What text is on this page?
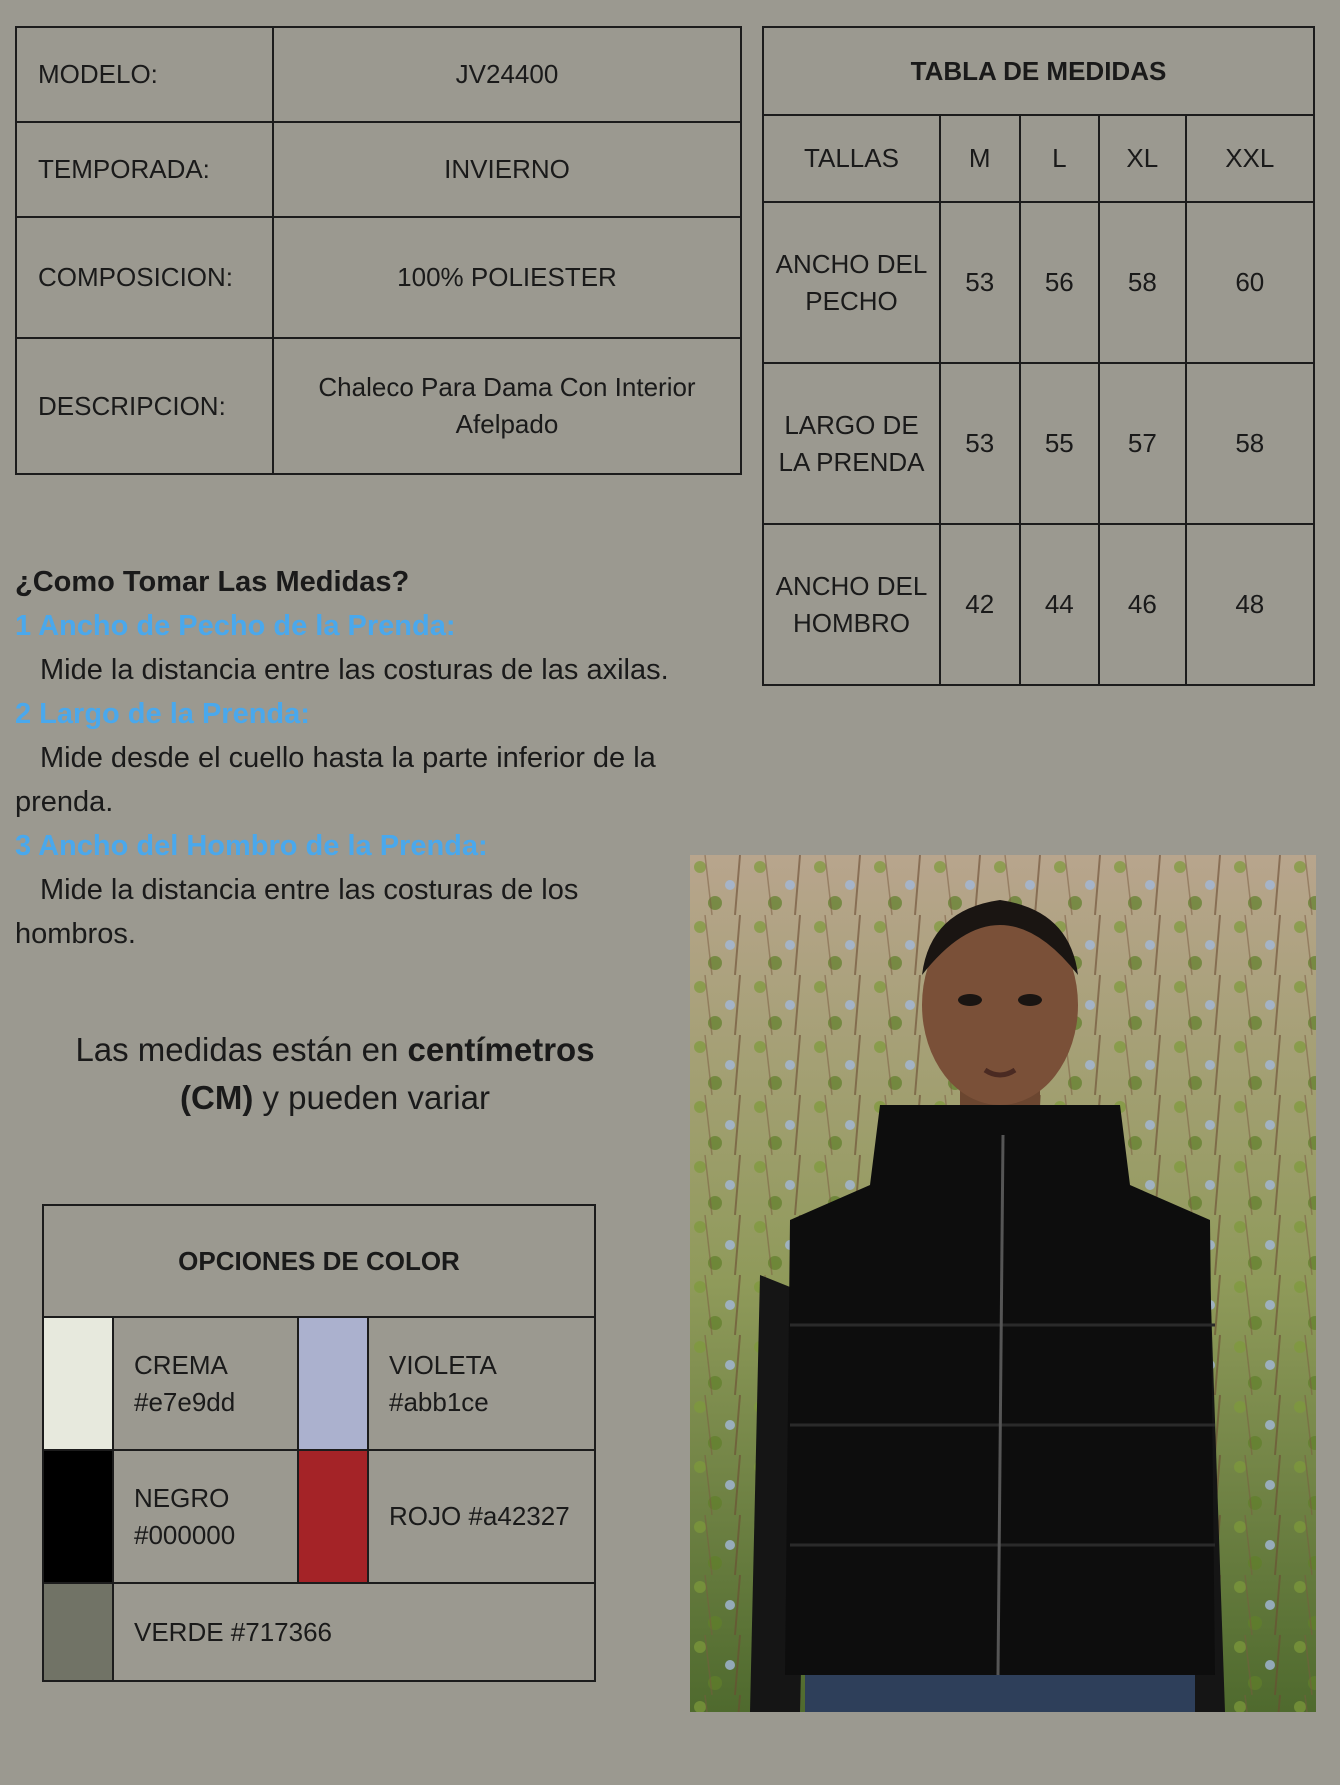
MODELO:	JV24400
TEMPORADA:	INVIERNO
COMPOSICION:	100% POLIESTER
DESCRIPCION:	Chaleco Para Dama Con Interior Afelpado
TABLA DE MEDIDAS				
TALLAS	M	L	XL	XXL
ANCHO DEL PECHO	53	56	58	60
LARGO DE LA PRENDA	53	55	57	58
ANCHO DEL HOMBRO	42	44	46	48
¿Como Tomar Las Medidas?
1 Ancho de Pecho de la Prenda:
Mide la distancia entre las costuras de las axilas.
2 Largo de la Prenda:
Mide desde el cuello hasta la parte inferior de la prenda.
3 Ancho del Hombro de la Prenda:
Mide la distancia entre las costuras de los hombros.
Las medidas están en centímetros
(CM) y pueden variar
OPCIONES DE COLOR			
	CREMA #e7e9dd		VIOLETA #abb1ce
	NEGRO #000000		ROJO #a42327
	VERDE #717366		
